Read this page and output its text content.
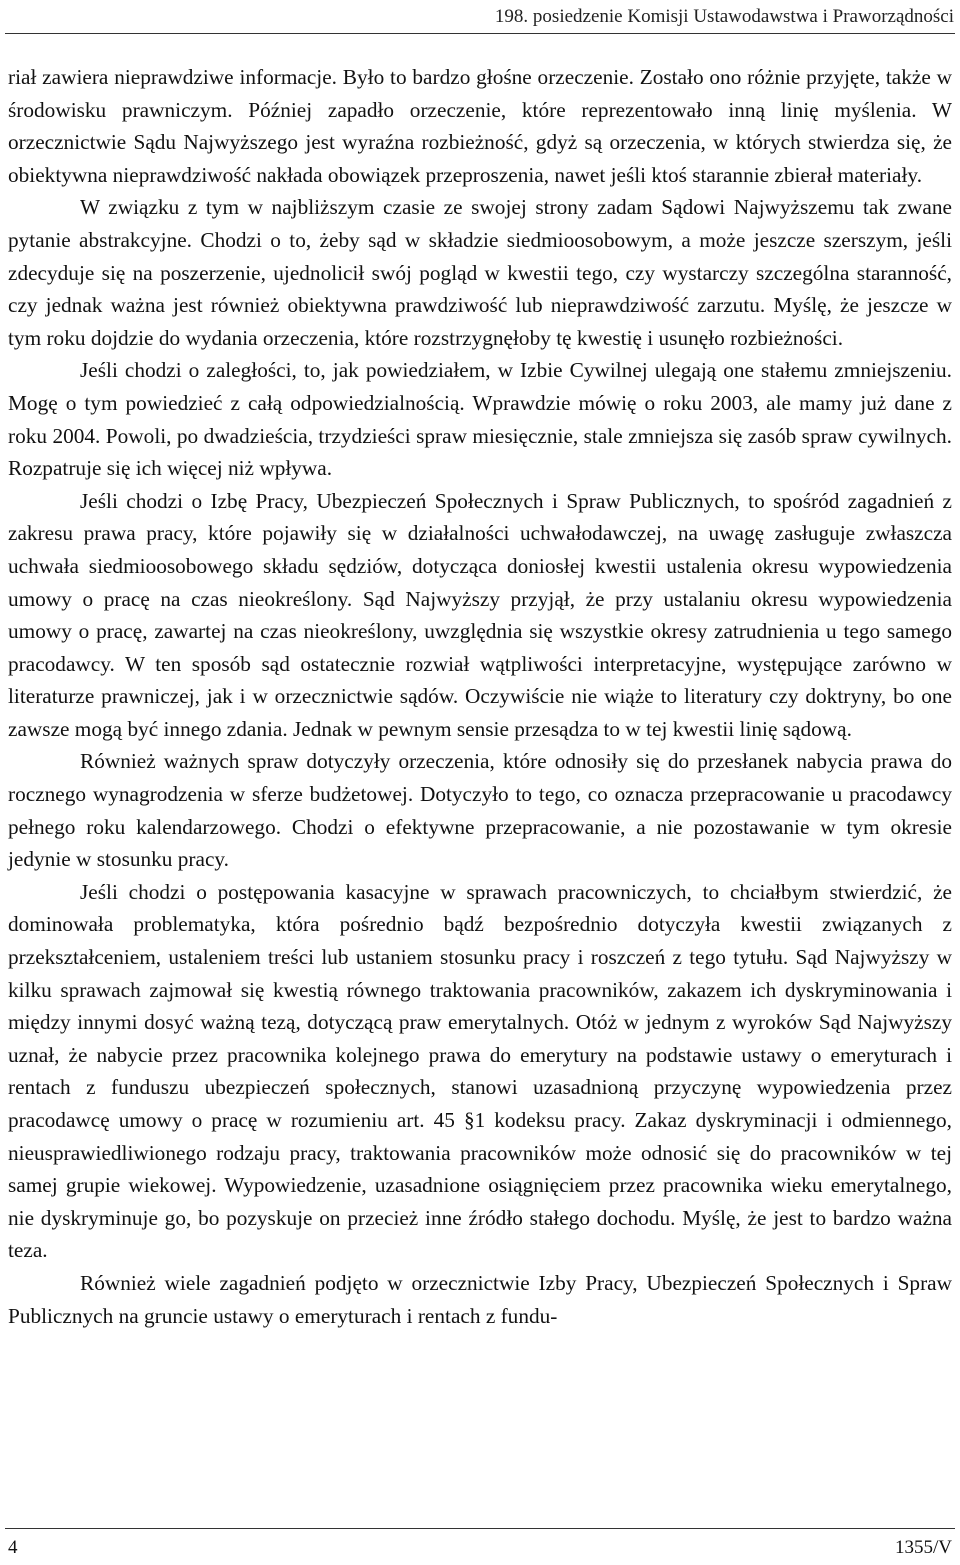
198. posiedzenie Komisji Ustawodawstwa i Praworządności

riał zawiera nieprawdziwe informacje. Było to bardzo głośne orzeczenie. Zostało ono różnie przyjęte, także w środowisku prawniczym. Później zapadło orzeczenie, które reprezentowało inną linię myślenia. W orzecznictwie Sądu Najwyższego jest wyraźna rozbieżność, gdyż są orzeczenia, w których stwierdza się, że obiektywna nieprawdziwość nakłada obowiązek przeproszenia, nawet jeśli ktoś starannie zbierał materiały.

W związku z tym w najbliższym czasie ze swojej strony zadam Sądowi Najwyższemu tak zwane pytanie abstrakcyjne. Chodzi o to, żeby sąd w składzie siedmioosobowym, a może jeszcze szerszym, jeśli zdecyduje się na poszerzenie, ujednolicił swój pogląd w kwestii tego, czy wystarczy szczególna staranność, czy jednak ważna jest również obiektywna prawdziwość lub nieprawdziwość zarzutu. Myślę, że jeszcze w tym roku dojdzie do wydania orzeczenia, które rozstrzygnęłoby tę kwestię i usunęło rozbieżności.

Jeśli chodzi o zaległości, to, jak powiedziałem, w Izbie Cywilnej ulegają one stałemu zmniejszeniu. Mogę o tym powiedzieć z całą odpowiedzialnością. Wprawdzie mówię o roku 2003, ale mamy już dane z roku 2004. Powoli, po dwadzieścia, trzydzieści spraw miesięcznie, stale zmniejsza się zasób spraw cywilnych. Rozpatruje się ich więcej niż wpływa.

Jeśli chodzi o Izbę Pracy, Ubezpieczeń Społecznych i Spraw Publicznych, to spośród zagadnień z zakresu prawa pracy, które pojawiły się w działalności uchwałodawczej, na uwagę zasługuje zwłaszcza uchwała siedmioosobowego składu sędziów, dotycząca doniosłej kwestii ustalenia okresu wypowiedzenia umowy o pracę na czas nieokreślony. Sąd Najwyższy przyjął, że przy ustalaniu okresu wypowiedzenia umowy o pracę, zawartej na czas nieokreślony, uwzględnia się wszystkie okresy zatrudnienia u tego samego pracodawcy. W ten sposób sąd ostatecznie rozwiał wątpliwości interpretacyjne, występujące zarówno w literaturze prawniczej, jak i w orzecznictwie sądów. Oczywiście nie wiąże to literatury czy doktryny, bo one zawsze mogą być innego zdania. Jednak w pewnym sensie przesądza to w tej kwestii linię sądową.

Również ważnych spraw dotyczyły orzeczenia, które odnosiły się do przesłanek nabycia prawa do rocznego wynagrodzenia w sferze budżetowej. Dotyczyło to tego, co oznacza przepracowanie u pracodawcy pełnego roku kalendarzowego. Chodzi o efektywne przepracowanie, a nie pozostawanie w tym okresie jedynie w stosunku pracy.

Jeśli chodzi o postępowania kasacyjne w sprawach pracowniczych, to chciałbym stwierdzić, że dominowała problematyka, która pośrednio bądź bezpośrednio dotyczyła kwestii związanych z przekształceniem, ustaleniem treści lub ustaniem stosunku pracy i roszczeń z tego tytułu. Sąd Najwyższy w kilku sprawach zajmował się kwestią równego traktowania pracowników, zakazem ich dyskryminowania i między innymi dosyć ważną tezą, dotyczącą praw emerytalnych. Otóż w jednym z wyroków Sąd Najwyższy uznał, że nabycie przez pracownika kolejnego prawa do emerytury na podstawie ustawy o emeryturach i rentach z funduszu ubezpieczeń społecznych, stanowi uzasadnioną przyczynę wypowiedzenia przez pracodawcę umowy o pracę w rozumieniu art. 45 §1 kodeksu pracy. Zakaz dyskryminacji i odmiennego, nieusprawiedliwionego rodzaju pracy, traktowania pracowników może odnosić się do pracowników w tej samej grupie wiekowej. Wypowiedzenie, uzasadnione osiągnięciem przez pracownika wieku emerytalnego, nie dyskryminuje go, bo pozyskuje on przecież inne źródło stałego dochodu. Myślę, że jest to bardzo ważna teza.

Również wiele zagadnień podjęto w orzecznictwie Izby Pracy, Ubezpieczeń Społecznych i Spraw Publicznych na gruncie ustawy o emeryturach i rentach z fundu-

4	1355/V
